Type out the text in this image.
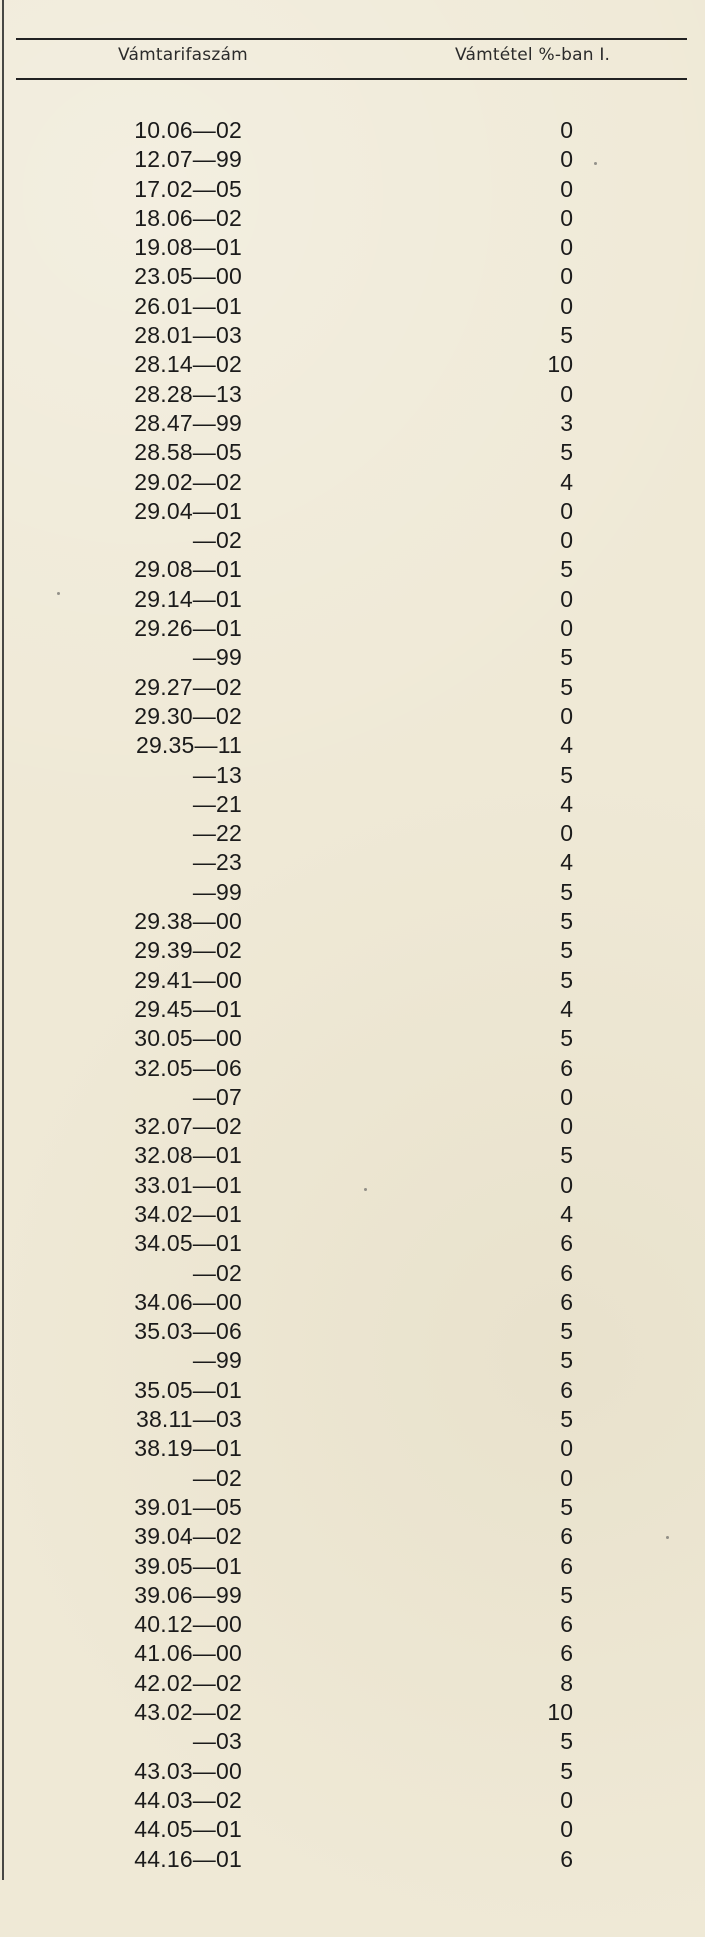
Vámtarifaszám	Vámtétel %-ban I.
10.06—02	0
12.07—99	0
17.02—05	0
18.06—02	0
19.08—01	0
23.05—00	0
26.01—01	0
28.01—03	5
28.14—02	10
28.28—13	0
28.47—99	3
28.58—05	5
29.02—02	4
29.04—01	0
—02	0
29.08—01	5
29.14—01	0
29.26—01	0
—99	5
29.27—02	5
29.30—02	0
29.35—11	4
—13	5
—21	4
—22	0
—23	4
—99	5
29.38—00	5
29.39—02	5
29.41—00	5
29.45—01	4
30.05—00	5
32.05—06	6
—07	0
32.07—02	0
32.08—01	5
33.01—01	0
34.02—01	4
34.05—01	6
—02	6
34.06—00	6
35.03—06	5
—99	5
35.05—01	6
38.11—03	5
38.19—01	0
—02	0
39.01—05	5
39.04—02	6
39.05—01	6
39.06—99	5
40.12—00	6
41.06—00	6
42.02—02	8
43.02—02	10
—03	5
43.03—00	5
44.03—02	0
44.05—01	0
44.16—01	6
